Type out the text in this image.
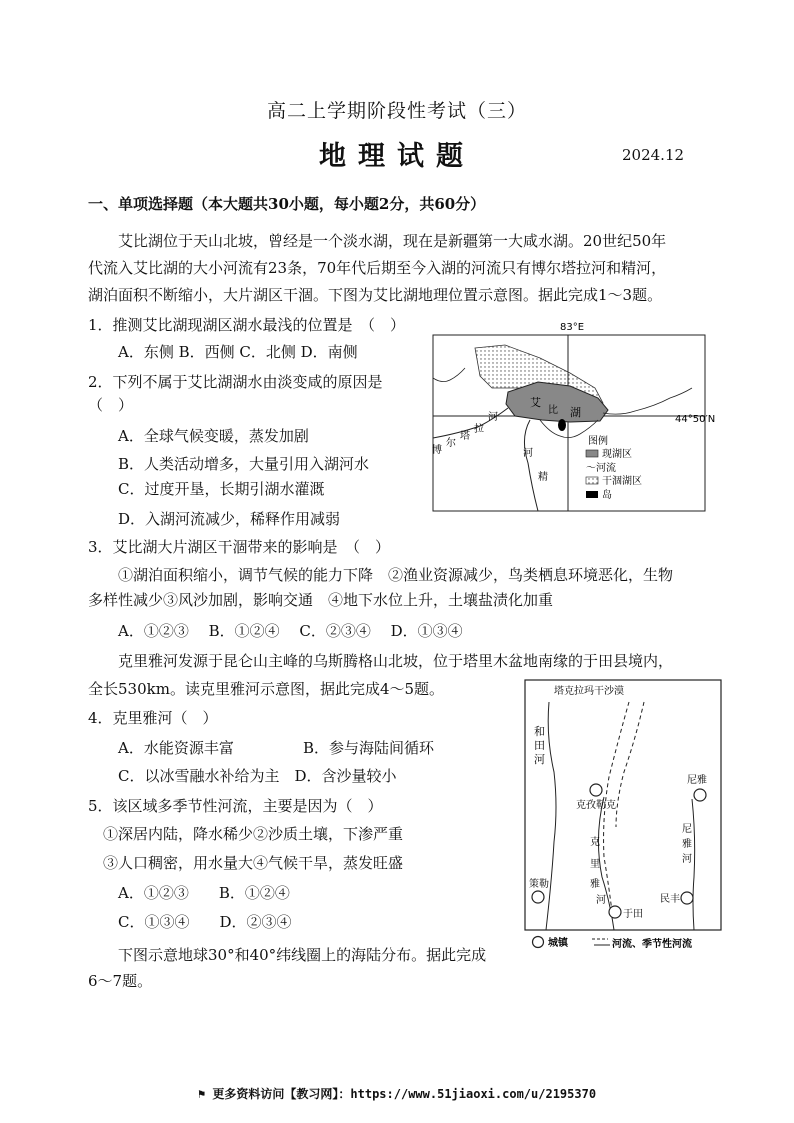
高二上学期阶段性考试（三）
地理试题	2024.12
一、单项选择题（本大题共30小题，每小题2分，共60分）
艾比湖位于天山北坡，曾经是一个淡水湖，现在是新疆第一大咸水湖。20世纪50年
代流入艾比湖的大小河流有23条，70年代后期至今入湖的河流只有博尔塔拉河和精河，
湖泊面积不断缩小，大片湖区干涸。下图为艾比湖地理位置示意图。据此完成1～3题。
1．推测艾比湖现湖区湖水最浅的位置是　（　）
A．东侧 B．西侧 C．北侧 D．南侧
2．下列不属于艾比湖湖水由淡变咸的原因是
（　）
A．全球气候变暖，蒸发加剧
B．人类活动增多，大量引用入湖河水
C．过度开垦，长期引湖水灌溉
D．入湖河流减少，稀释作用减弱
3．艾比湖大片湖区干涸带来的影响是　（　）
①湖泊面积缩小，调节气候的能力下降　②渔业资源减少，鸟类栖息环境恶化，生物
多样性减少③风沙加剧，影响交通　④地下水位上升，土壤盐渍化加重
A．①②③　 B．①②④　 C．②③④　 D．①③④
克里雅河发源于昆仑山主峰的乌斯腾格山北坡，位于塔里木盆地南缘的于田县境内，
全长530km。读克里雅河示意图，据此完成4～5题。
4．克里雅河（　）
A．水能资源丰富	B．参与海陆间循环
C．以冰雪融水补给为主　D．含沙量较小
5．该区域多季节性河流，主要是因为（　）
①深居内陆，降水稀少②沙质土壤，下渗严重
③人口稠密，用水量大④气候干旱，蒸发旺盛
A．①②③　　B．①②④
C．①③④　　D．②③④
下图示意地球30°和40°纬线圈上的海陆分布。据此完成
6～7题。
83°E
44°50′N
艾
比 湖
河
拉
塔
尔
博	河
精
图例
现湖区
～河流
干涸湖区
岛
塔克拉玛干沙漠
和
田
河
克孜勒克
尼雅
尼
雅
河
克
里
雅
河
策勒
民丰
于田
城镇	河流、季节性河流
⚑ 更多资料访问【教习网】：https://www.51jiaoxi.com/u/2195370
